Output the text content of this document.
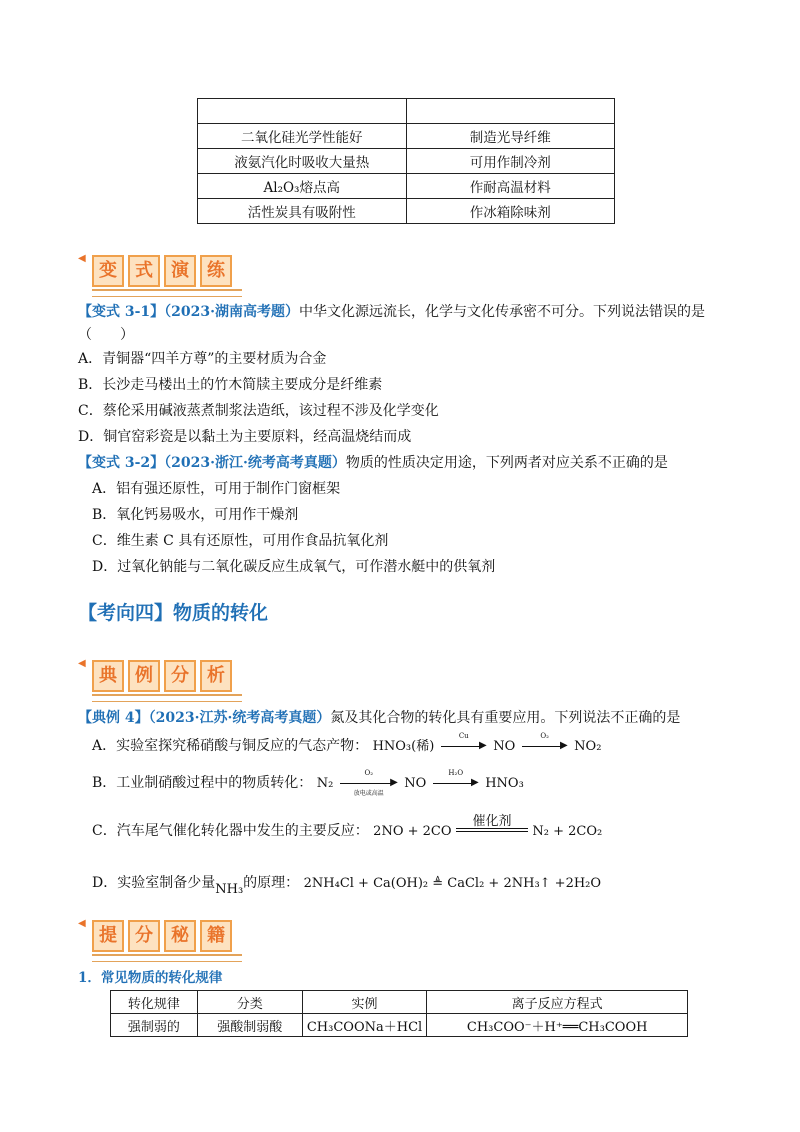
二氧化硅光学性能好	制造光导纤维
液氨汽化时吸收大量热	可用作制冷剂
Al₂O₃熔点高	作耐高温材料
活性炭具有吸附性	作冰箱除味剂
◀
变 式 演 练
【变式 3-1】（2023·湖南高考题）中华文化源远流长，化学与文化传承密不可分。下列说法错误的是
（　　）
A．青铜器“四羊方尊”的主要材质为合金
B．长沙走马楼出土的竹木简牍主要成分是纤维素
C．蔡伦采用碱液蒸煮制浆法造纸，该过程不涉及化学变化
D．铜官窑彩瓷是以黏土为主要原料，经高温烧结而成
【变式 3-2】（2023·浙江·统考高考真题）物质的性质决定用途，下列两者对应关系不正确的是
A．铝有强还原性，可用于制作门窗框架
B．氧化钙易吸水，可用作干燥剂
C．维生素 C 具有还原性，可用作食品抗氧化剂
D．过氧化钠能与二氧化碳反应生成氧气，可作潜水艇中的供氧剂
【考向四】物质的转化
◀
典 例 分 析
【典例 4】（2023·江苏·统考高考真题）氮及其化合物的转化具有重要应用。下列说法不正确的是
A．实验室探究稀硝酸与铜反应的气态产物： HNO₃(稀)
Cu
▶ NO
O₂
▶ NO₂
B．工业制硝酸过程中的物质转化： N₂
O₂
▶
放电或高温
NO
H₂O
▶ HNO₃
C．汽车尾气催化转化器中发生的主要反应： 2NO + 2CO
催化剂
N₂ + 2CO₂
D．实验室制备少量NH₃的原理： 2NH₄Cl + Ca(OH)₂ ≜ CaCl₂ + 2NH₃↑ +2H₂O
◀
提 分 秘 籍
1．常见物质的转化规律
转化规律	分类	实例	离子反应方程式
强制弱的	强酸制弱酸	CH₃COONa＋HCl	CH₃COO⁻＋H⁺══CH₃COOH
